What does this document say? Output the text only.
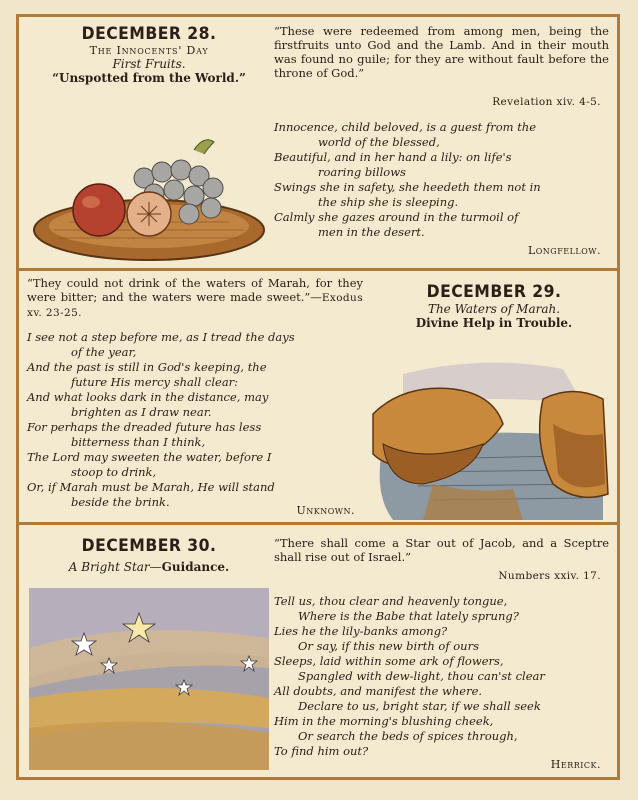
DECEMBER 28.
The Innocents' Day
First Fruits.
“Unspotted from the World.”
“These were redeemed from among men, being the firstfruits unto God and the Lamb. And in their mouth was found no guile; for they are without fault before the throne of God.”
Revelation xiv. 4-5.
Innocence, child beloved, is a guest from the
world of the blessed,
Beautiful, and in her hand a lily: on life's
roaring billows
Swings she in safety, she heedeth them not in
the ship she is sleeping.
Calmly she gazes around in the turmoil of
men in the desert.
Longfellow.
“They could not drink of the waters of Marah, for they were bitter; and the waters were made sweet.”—Exodus xv. 23-25.
I see not a step before me, as I tread the days
of the year,
And the past is still in God's keeping, the
future His mercy shall clear:
And what looks dark in the distance, may
brighten as I draw near.
For perhaps the dreaded future has less
bitterness than I think,
The Lord may sweeten the water, before I
stoop to drink,
Or, if Marah must be Marah, He will stand
beside the brink.
Unknown.
DECEMBER 29.
The Waters of Marah.
Divine Help in Trouble.
DECEMBER 30.
A Bright Star—Guidance.
“There shall come a Star out of Jacob, and a Sceptre shall rise out of Israel.”
Numbers xxiv. 17.
Tell us, thou clear and heavenly tongue,
Where is the Babe that lately sprung?
Lies he the lily-banks among?
Or say, if this new birth of ours
Sleeps, laid within some ark of flowers,
Spangled with dew-light, thou can'st clear
All doubts, and manifest the where.
Declare to us, bright star, if we shall seek
Him in the morning's blushing cheek,
Or search the beds of spices through,
To find him out?
Herrick.
